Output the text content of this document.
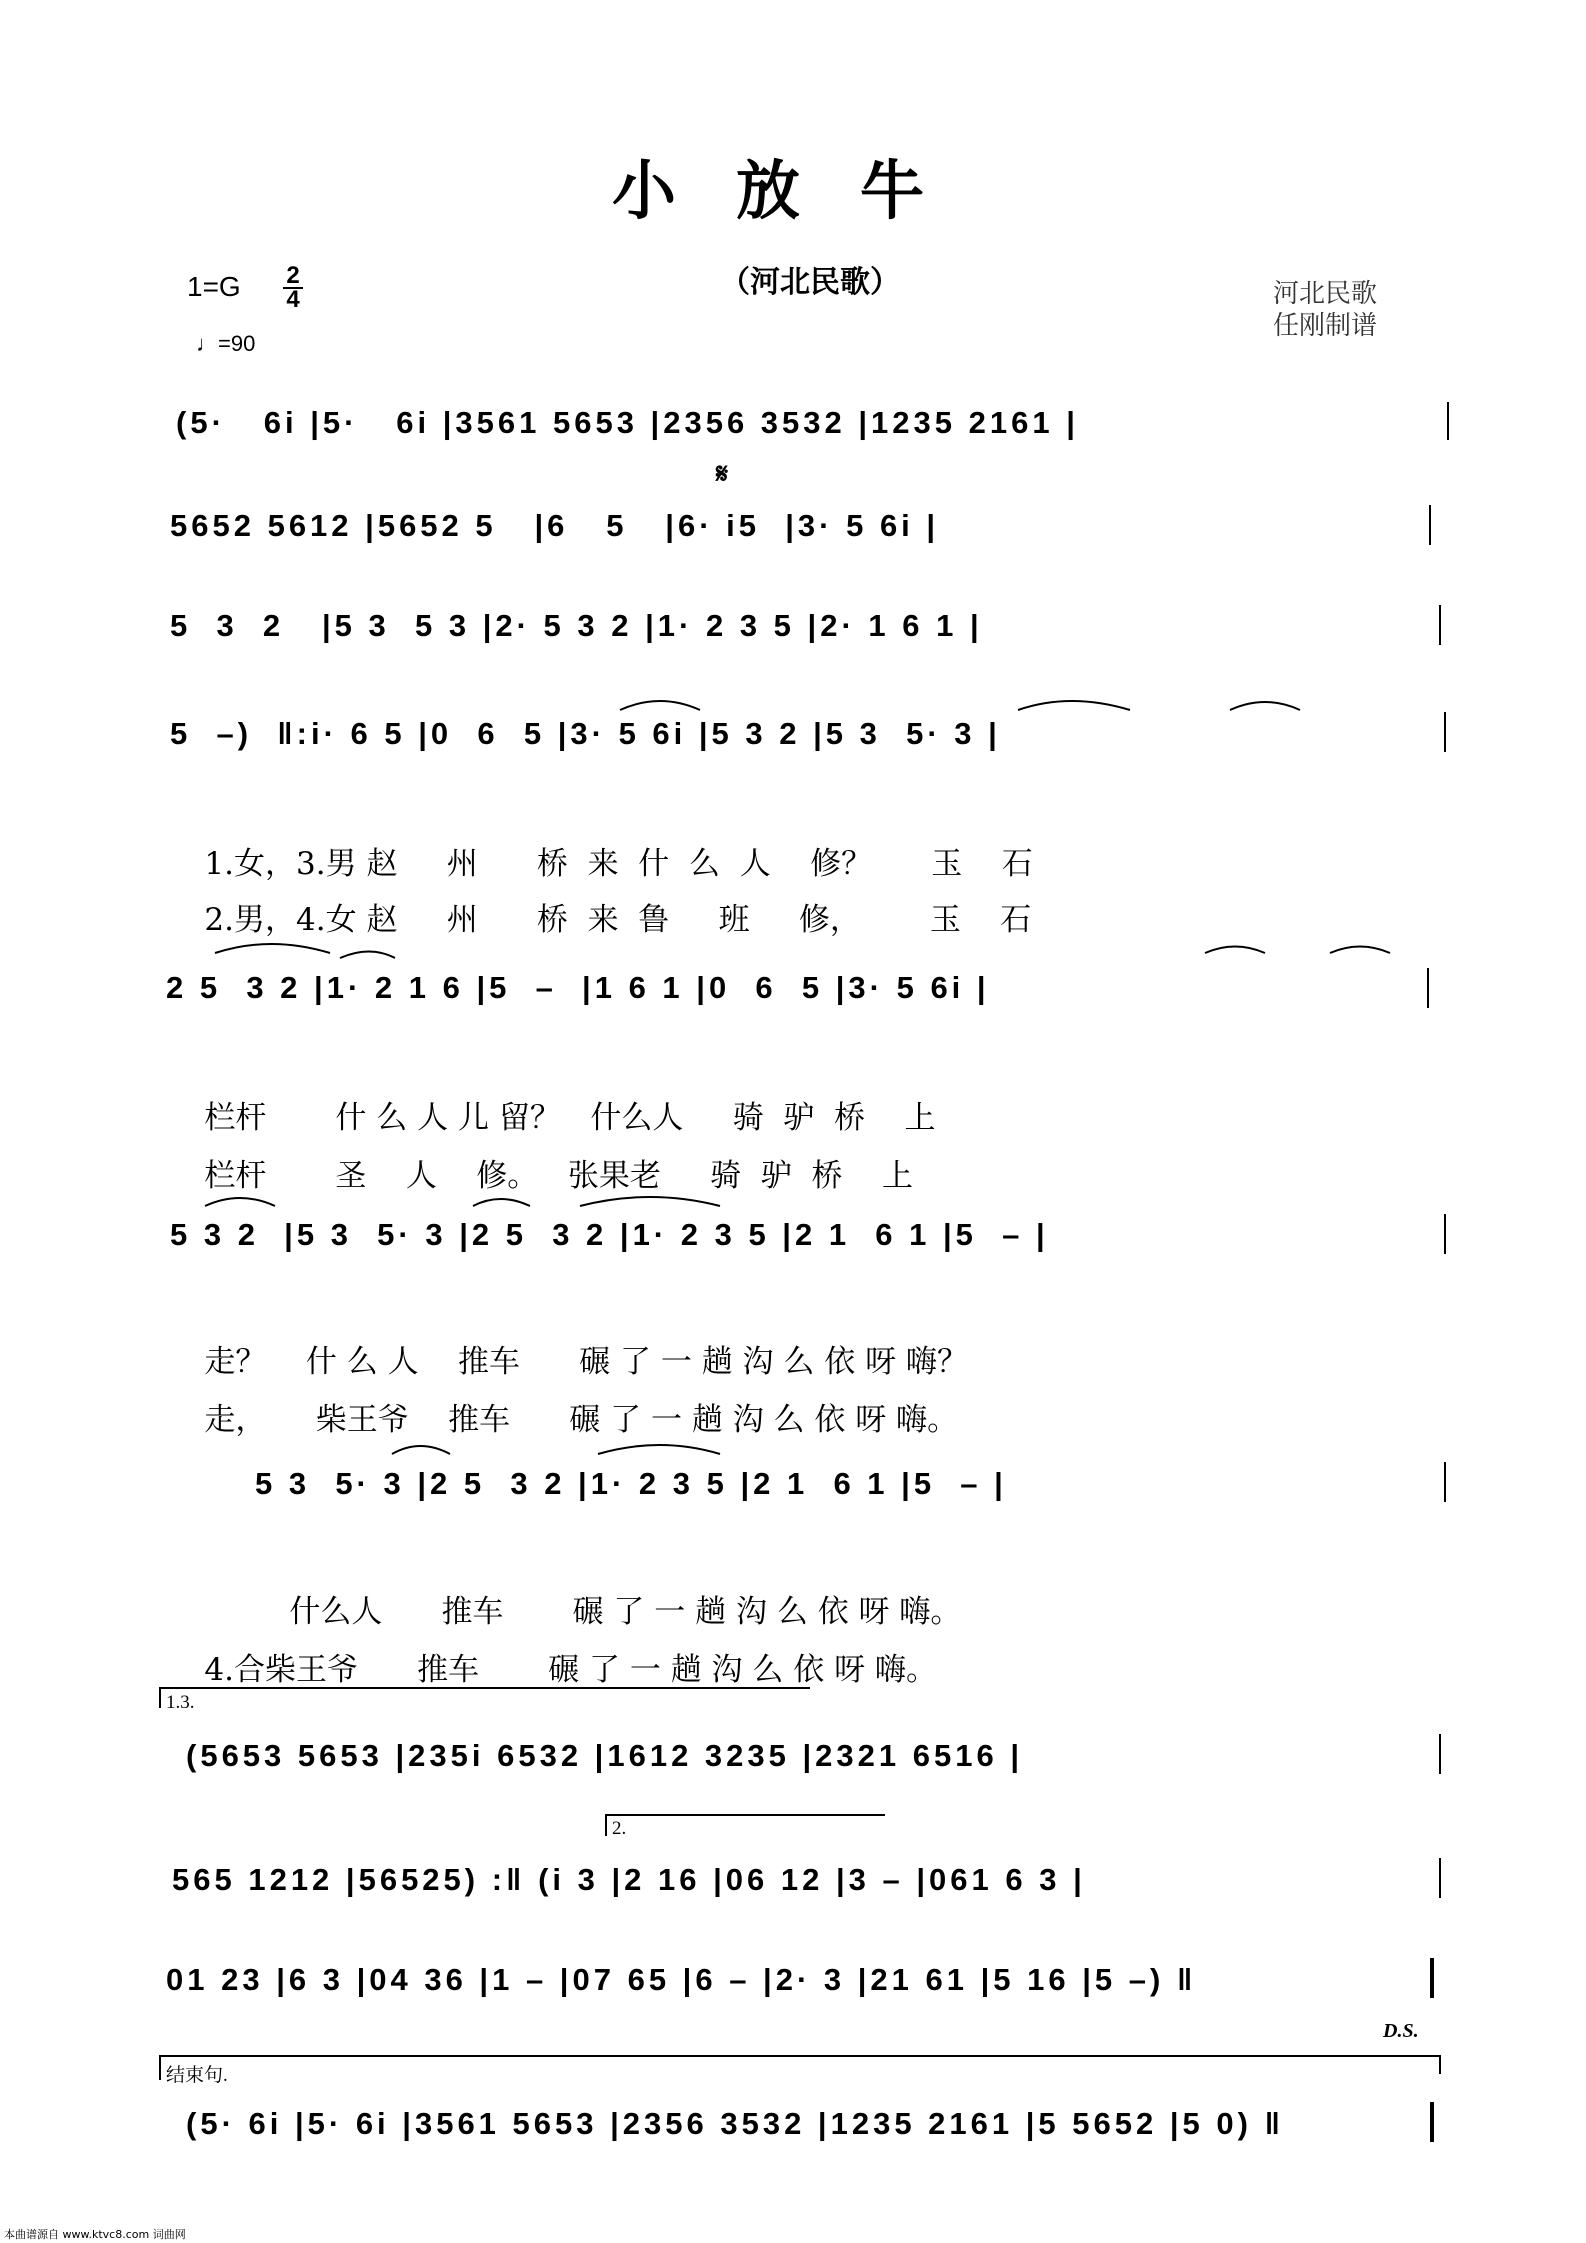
小放牛
（河北民歌）
$1=G \frac{2}{4}$
♩=90
河北民歌
任刚制谱
(5·   6i |5·   6i |3561 5653 |2356 3532 |1235 2161 |
𝄋
5652 5612 |5652 5   |6   5   |6· i5  |3· 5 6i |
5  3  2   |5 3  5 3 |2· 5 3 2 |1· 2 3 5 |2· 1 6 1 |
5  –)  ‖:i· 6 5 |0  6  5 |3· 5 6i |5 3 2 |5 3  5· 3 |

1.女，3.男 赵 州 桥 来 什 么 人 修？ 玉 石

2.男，4.女 赵 州 桥 来 鲁 班 修， 玉 石

2 5  3 2 |1· 2 1 6 |5  –  |1 6 1 |0  6  5 |3· 5 6i |

栏杆 什 么 人 儿 留？ 什么人 骑 驴 桥 上

栏杆 圣 人 修。 张果老 骑 驴 桥 上

5 3 2  |5 3  5· 3 |2 5  3 2 |1· 2 3 5 |2 1  6 1 |5  – |

走？ 什 么 人 推车 碾 了 一 趟 沟 么 依 呀 嗨？

走， 柴王爷 推车 碾 了 一 趟 沟 么 依 呀 嗨。

5 3  5· 3 |2 5  3 2 |1· 2 3 5 |2 1  6 1 |5  – |

什么人 推车 碾 了 一 趟 沟 么 依 呀 嗨。

4.合柴王爷 推车 碾 了 一 趟 沟 么 依 呀 嗨。

1.3.
(5653 5653 |235i 6532 |1612 3235 |2321 6516 |
2.
565 1212 |56525) :‖ (i 3 |2 16 |06 12 |3 – |061 6 3 |
01 23 |6 3 |04 36 |1 – |07 65 |6 – |2· 3 |21 61 |5 16 |5 –) ‖
D.S.
结束句.
(5· 6i |5· 6i |3561 5653 |2356 3532 |1235 2161 |5 5652 |5 0) ‖
本曲谱源自 www.ktvc8.com 词曲网
